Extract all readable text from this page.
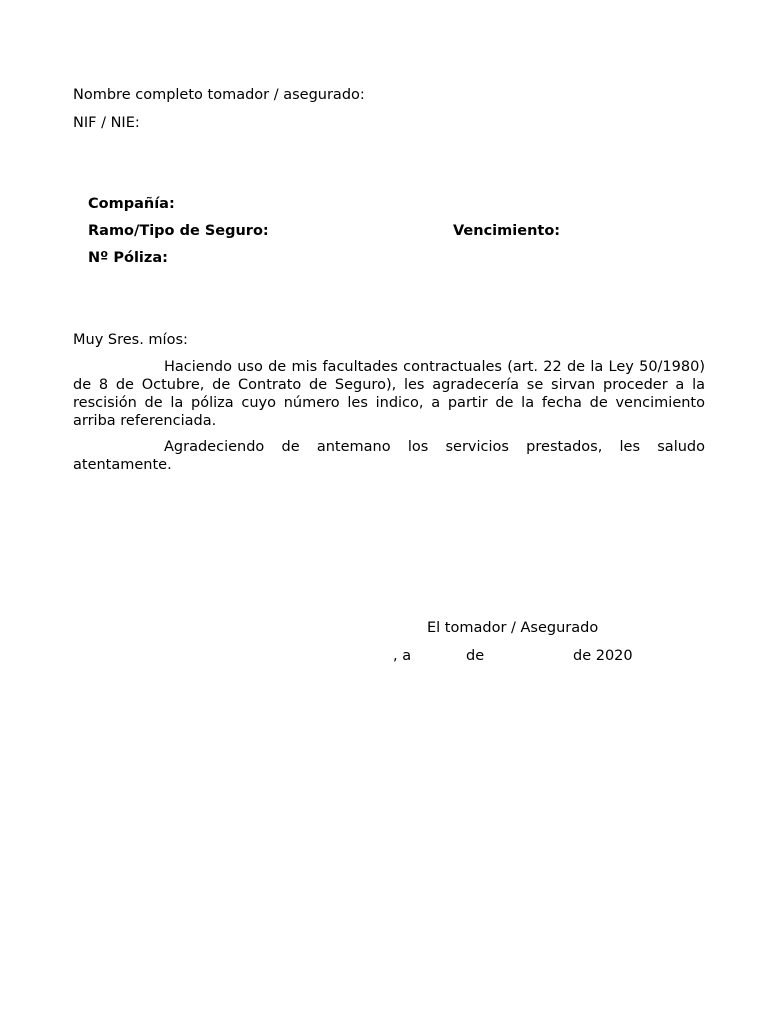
Nombre completo tomador / asegurado:
NIF / NIE:
Compañía:
Ramo/Tipo de Seguro:	Vencimiento:
Nº Póliza:
Muy Sres. míos:
Haciendo uso de mis facultades contractuales (art. 22 de la Ley 50/1980) de 8 de Octubre, de Contrato de Seguro), les agradecería se sirvan proceder a la rescisión de la póliza cuyo número les indico, a partir de la fecha de vencimiento arriba referenciada.
Agradeciendo de antemano los servicios prestados, les saludo atentamente.
El tomador / Asegurado
, a	de	de 2020
